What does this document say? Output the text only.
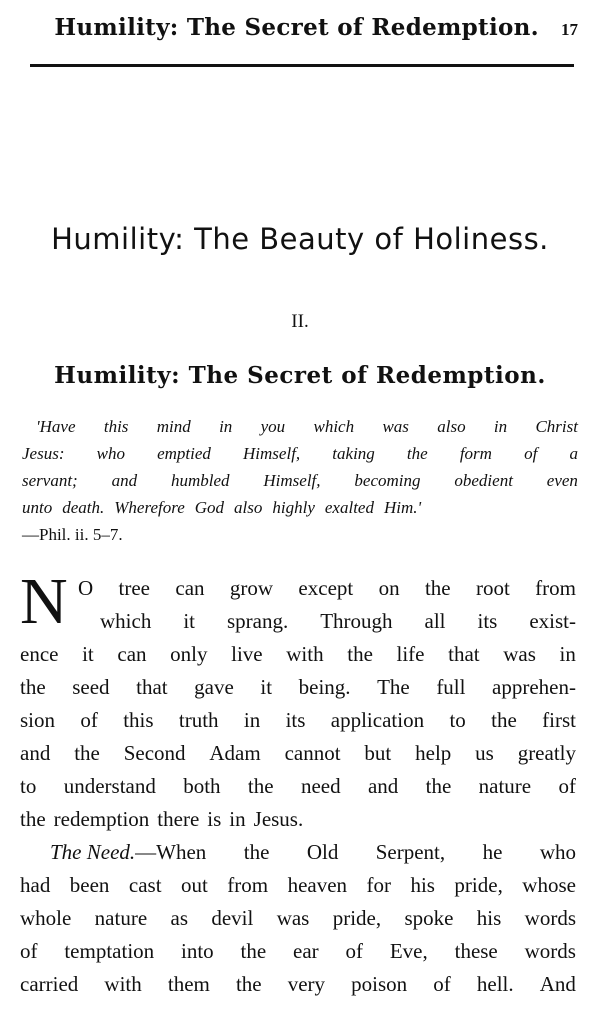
Humility: The Secret of Redemption. 17
Humility: The Beauty of Holiness.
II.
Humility: The Secret of Redemption.
'Have this mind in you which was also in Christ
Jesus: who emptied Himself, taking the form of a
servant; and humbled Himself, becoming obedient even
unto death. Wherefore God also highly exalted Him.'
—Phil. ii. 5–7.
N O tree can grow except on the root from
which it sprang. Through all its exist-
ence it can only live with the life that was in
the seed that gave it being. The full apprehen-
sion of this truth in its application to the first
and the Second Adam cannot but help us greatly
to understand both the need and the nature of
the redemption there is in Jesus.
The Need.—When the Old Serpent, he who
had been cast out from heaven for his pride, whose
whole nature as devil was pride, spoke his words
of temptation into the ear of Eve, these words
carried with them the very poison of hell. And
